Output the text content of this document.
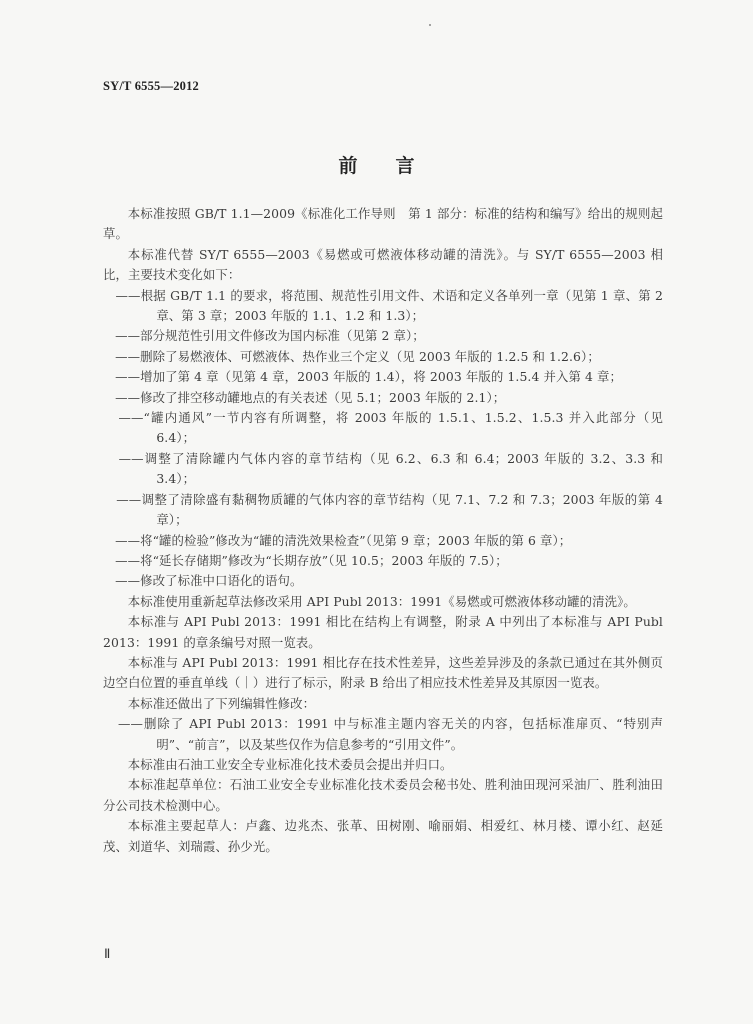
SY/T 6555—2012
前言

本标准按照 GB/T 1.1—2009《标准化工作导则　第 1 部分：标准的结构和编写》给出的规则起草。

本标准代替 SY/T 6555—2003《易燃或可燃液体移动罐的清洗》。与 SY/T 6555—2003 相比，主要技术变化如下：

—— 根据 GB/T 1.1 的要求，将范围、规范性引用文件、术语和定义各单列一章（见第 1 章、第 2 章、第 3 章；2003 年版的 1.1、1.2 和 1.3）；

—— 部分规范性引用文件修改为国内标准（见第 2 章）；

—— 删除了易燃液体、可燃液体、热作业三个定义（见 2003 年版的 1.2.5 和 1.2.6）；

—— 增加了第 4 章（见第 4 章，2003 年版的 1.4），将 2003 年版的 1.5.4 并入第 4 章；

—— 修改了排空移动罐地点的有关表述（见 5.1；2003 年版的 2.1）；

—— “罐内通风”一节内容有所调整，将 2003 年版的 1.5.1、1.5.2、1.5.3 并入此部分（见 6.4）；

—— 调整了清除罐内气体内容的章节结构（见 6.2、6.3 和 6.4；2003 年版的 3.2、3.3 和 3.4）；

—— 调整了清除盛有黏稠物质罐的气体内容的章节结构（见 7.1、7.2 和 7.3；2003 年版的第 4 章）；

—— 将“罐的检验”修改为“罐的清洗效果检查”（见第 9 章；2003 年版的第 6 章）；

—— 将“延长存储期”修改为“长期存放”（见 10.5；2003 年版的 7.5）；

—— 修改了标准中口语化的语句。

本标准使用重新起草法修改采用 API Publ 2013：1991《易燃或可燃液体移动罐的清洗》。

本标准与 API Publ 2013：1991 相比在结构上有调整，附录 A 中列出了本标准与 API Publ 2013：1991 的章条编号对照一览表。

本标准与 API Publ 2013：1991 相比存在技术性差异，这些差异涉及的条款已通过在其外侧页边空白位置的垂直单线（｜）进行了标示，附录 B 给出了相应技术性差异及其原因一览表。

本标准还做出了下列编辑性修改：

—— 删除了 API Publ 2013：1991 中与标准主题内容无关的内容，包括标准扉页、“特别声明”、“前言”，以及某些仅作为信息参考的“引用文件”。

本标准由石油工业安全专业标准化技术委员会提出并归口。

本标准起草单位：石油工业安全专业标准化技术委员会秘书处、胜利油田现河采油厂、胜利油田分公司技术检测中心。

本标准主要起草人：卢鑫、边兆杰、张革、田树刚、喻丽娟、相爱红、林月楼、谭小红、赵延茂、刘道华、刘瑞霞、孙少光。

Ⅱ
